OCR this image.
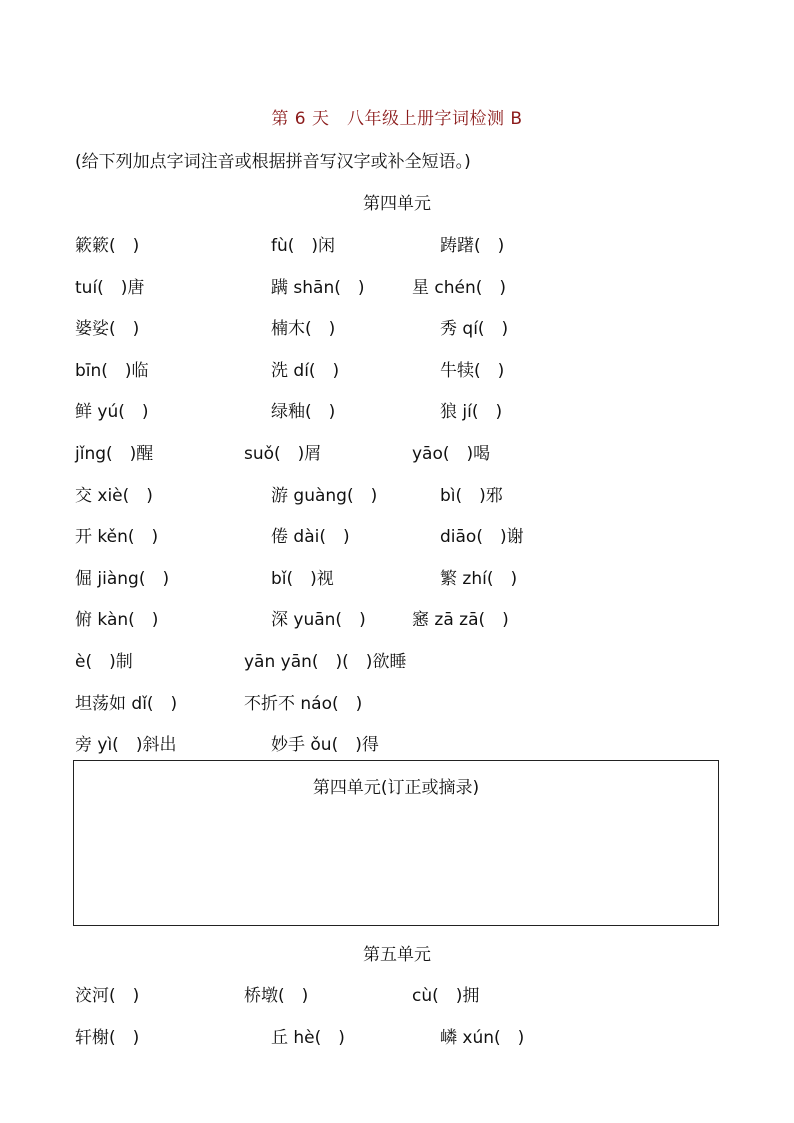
第 6 天　八年级上册字词检测 B
(给下列加点字词注音或根据拼音写汉字或补全短语。)
第四单元
簌簌(　)	fù(　)闲	踌躇(　)
tuí(　)唐	蹒 shān(　)	星 chén(　)
婆娑(　)	楠木(　)	秀 qí(　)
bīn(　)临	洗 dí(　)	牛犊(　)
鲜 yú(　)	绿釉(　)	狼 jí(　)
jǐng(　)醒	suǒ(　)屑	yāo(　)喝
交 xiè(　)	游 guàng(　)	bì(　)邪
开 kěn(　)	倦 dài(　)	diāo(　)谢
倔 jiàng(　)	bǐ(　)视	繁 zhí(　)
俯 kàn(　)	深 yuān(　)	窸 zā zā(　)
è(　)制	yān yān(　)(　)欲睡
坦荡如 dǐ(　)	不折不 náo(　)
旁 yì(　)斜出	妙手 ǒu(　)得
第四单元(订正或摘录)
第五单元
洨河(　)	桥墩(　)	cù(　)拥
轩榭(　)	丘 hè(　)	嶙 xún(　)
